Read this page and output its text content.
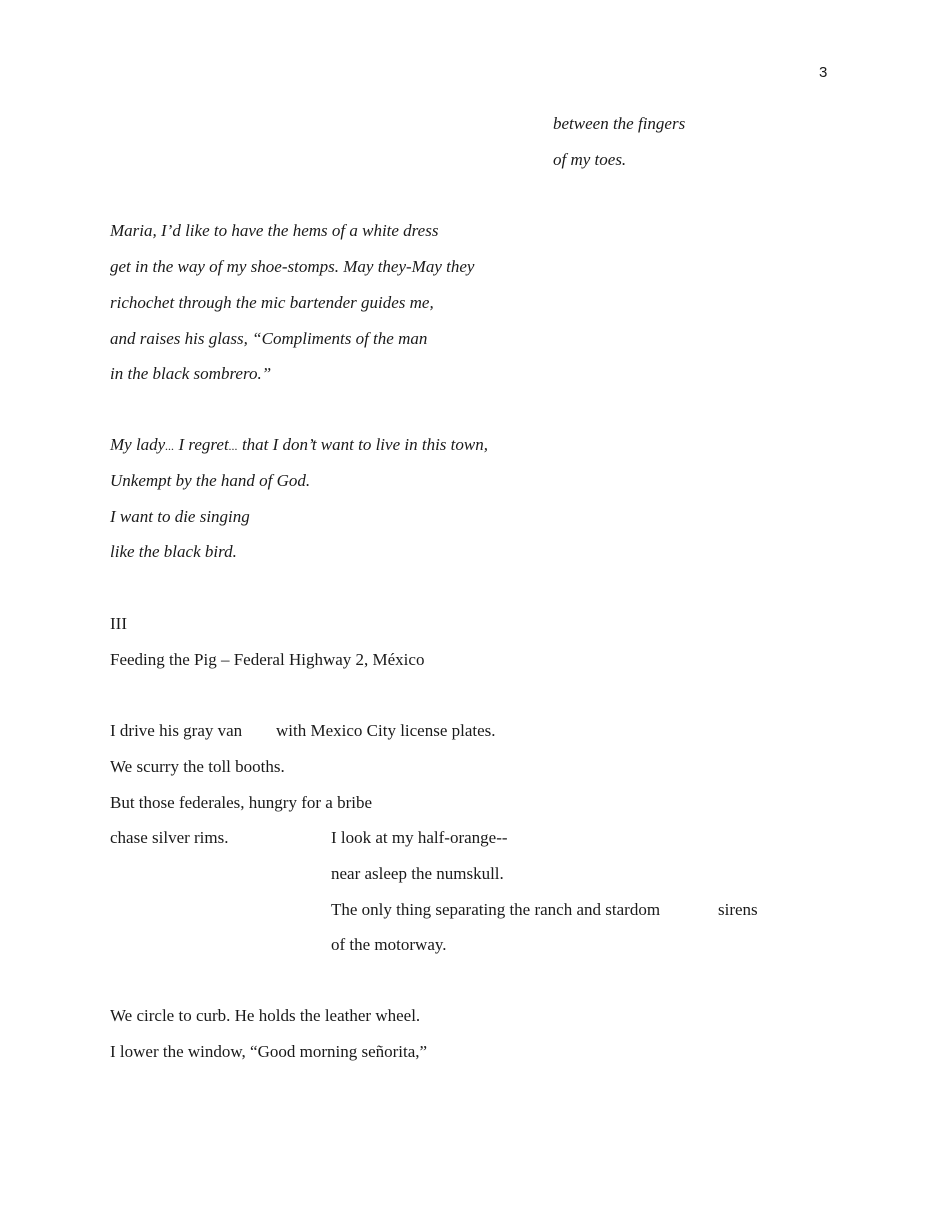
3
between the fingers
of my toes.
Maria, I’d like to have the hems of a white dress
get in the way of my shoe-stomps. May they-May they
richochet through the mic bartender guides me,
and raises his glass, “Compliments of the man
in the black sombrero.”
My lady... I regret... that I don’t want to live in this town,
Unkempt by the hand of God.
I want to die singing
like the black bird.
III
Feeding the Pig – Federal Highway 2, México
I drive his gray van with Mexico City license plates.
We scurry the toll booths.
But those federales, hungry for a bribe
chase silver rims.	I look at my half-orange--
near asleep the numskull.
The only thing separating the ranch and stardom	sirens
of the motorway.
We circle to curb. He holds the leather wheel.
I lower the window, “Good morning señorita,”
